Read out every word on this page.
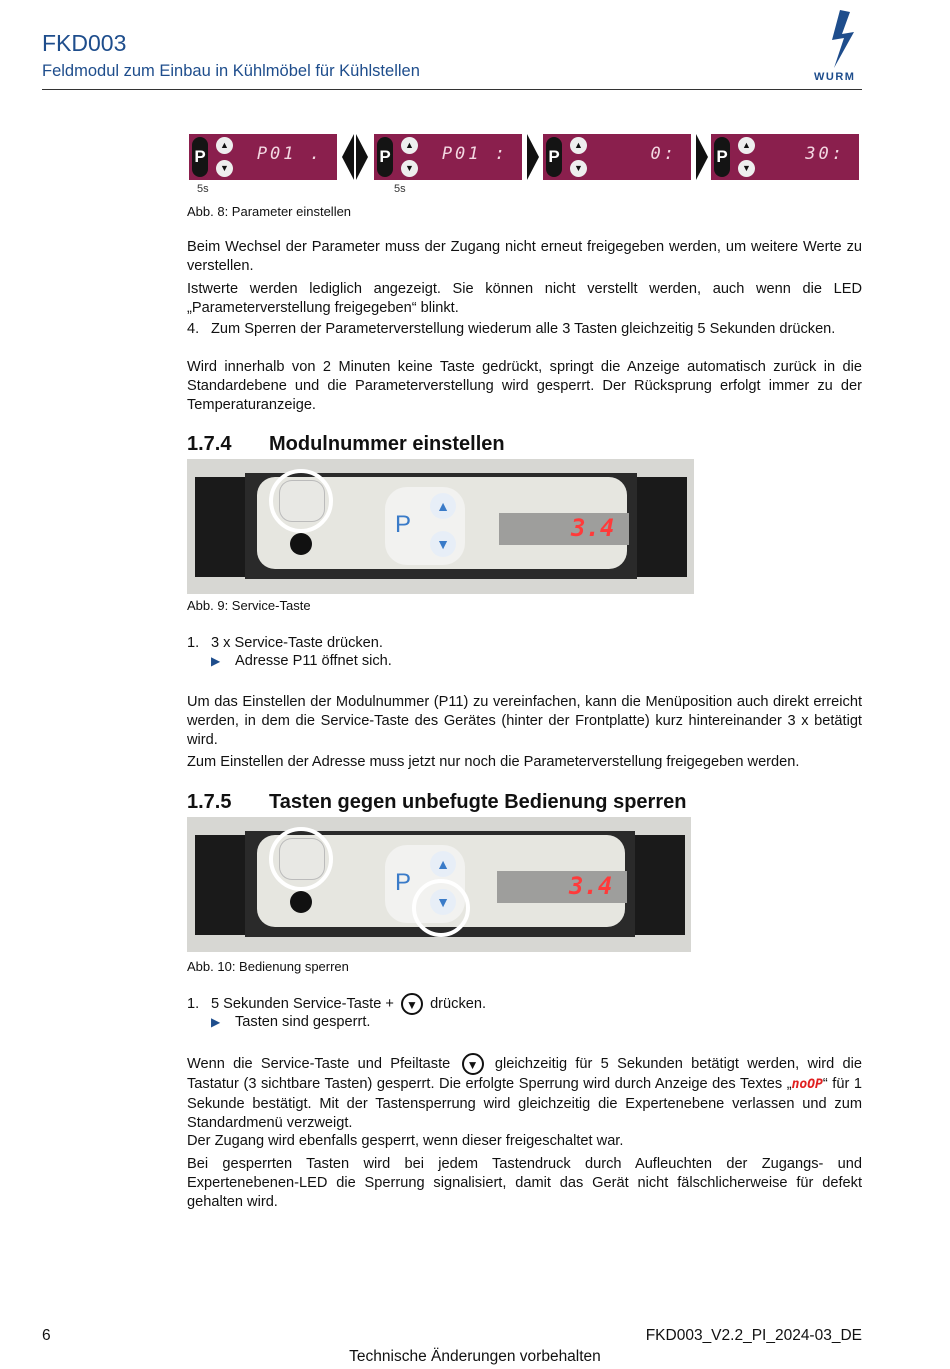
FKD003
Feldmodul zum Einbau in Kühlmöbel für Kühlstellen	WURM
P
▲
▼
P01 .	P
▲
▼
P01 : P
▲
▼
0: P
▲
▼
30:
5s	5s
Abb. 8: Parameter einstellen
Beim Wechsel der Parameter muss der Zugang nicht erneut freigegeben werden, um weitere Werte zu verstellen.
Istwerte werden lediglich angezeigt. Sie können nicht verstellt werden, auch wenn die LED „Parameterverstellung freigegeben“ blinkt.
4. Zum Sperren der Parameterverstellung wiederum alle 3 Tasten gleichzeitig 5 Sekunden drücken.
Wird innerhalb von 2 Minuten keine Taste gedrückt, springt die Anzeige automatisch zurück in die Standardebene und die Parameterverstellung wird gesperrt. Der Rücksprung erfolgt immer zu der Temperaturanzeige.
1.7.4 Modulnummer einstellen
P
▲
▼
3.4
Abb. 9: Service-Taste
1. 3 x Service-Taste drücken.
▶ Adresse P11 öffnet sich.
Um das Einstellen der Modulnummer (P11) zu vereinfachen, kann die Menüposition auch direkt erreicht werden, in dem die Service-Taste des Gerätes (hinter der Frontplatte) kurz hintereinander 3 x betätigt wird.
Zum Einstellen der Adresse muss jetzt nur noch die Parameterverstellung freigegeben werden.
1.7.5 Tasten gegen unbefugte Bedienung sperren
P
▲
▼
3.4
Abb. 10: Bedienung sperren
1. 5 Sekunden Service-Taste + ▼ drücken.
▶ Tasten sind gesperrt.
Wenn die Service-Taste und Pfeiltaste ▼ gleichzeitig für 5 Sekunden betätigt werden, wird die Tastatur (3 sichtbare Tasten) gesperrt. Die erfolgte Sperrung wird durch Anzeige des Textes „noOP“ für 1 Sekunde bestätigt. Mit der Tastensperrung wird gleichzeitig die Expertenebene verlassen und zum Standardmenü verzweigt.
Der Zugang wird ebenfalls gesperrt, wenn dieser freigeschaltet war.
Bei gesperrten Tasten wird bei jedem Tastendruck durch Aufleuchten der Zugangs- und Expertenebenen-LED die Sperrung signalisiert, damit das Gerät nicht fälschlicherweise für defekt gehalten wird.
6	FKD003_V2.2_PI_2024-03_DE
Technische Änderungen vorbehalten
